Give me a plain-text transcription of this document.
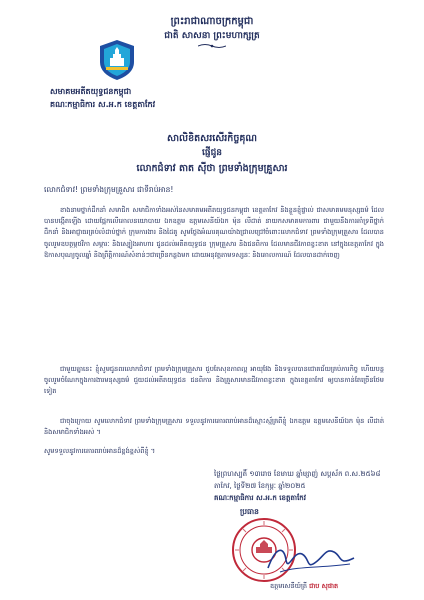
ព្រះរាជាណាចក្រកម្ពុជា
ជាតិ សាសនា ព្រះមហាក្សត្រ
សមាគមអតីតយុទ្ធជនកម្ពុជា
គណៈកម្មាធិការ ស.អ.ក ខេត្តតាកែវ
សាលិខិតសរសើរកិច្ចគុណ
ផ្ញើជូន
លោកជំទាវ តាត ស៊ីថា ព្រមទាំងក្រុមគ្រួសារ
លោកជំទាវ! ព្រមទាំងក្រុមគ្រួសារ ជាទីរាប់អាន!
ខាងនាមថ្នាក់ដឹកនាំ សមាជិក សមាជិកាទាំងអស់នៃសមាគមអតីតយុទ្ធជនកម្ពុជា ខេត្តតាកែវ និងខ្លួនខ្ញុំផ្ទាល់ ជាសមាគមមនុស្សធម៌ ដែលបានបង្កើតឡើង ដោយផ្អែកលើគោលនយោបាយ ឯកឧត្តម ឧត្តមសេនីយ៍ឯក ម៉ុន លីដាត់ នាយកសមាគមការពារ ជាមួយនឹងការគាំទ្រពីថ្នាក់ដឹកនាំ និងអាជ្ញាធរគ្រប់លំដាប់ថ្នាក់ ក្រុមការងារ និងដៃគូ សូមថ្លែងអំណរគុណយ៉ាងជ្រាលជ្រៅចំពោះលោកជំទាវ ព្រមទាំងក្រុមគ្រួសារ ដែលបានចូលរួមឧបត្ថម្ភថវិកា សម្ភារៈ និងស្បៀងអាហារ ជូនដល់អតីតយុទ្ធជន ក្រុមគ្រួសារ និងជនពិការ ដែលមានជីវភាពខ្វះខាត នៅក្នុងខេត្តតាកែវ ក្នុងឱកាសបុណ្យចូលឆ្នាំ និងព្រឹត្តិការណ៍សំខាន់ៗជាច្រើនកន្លងមក ដោយអនុវត្តតាមទស្សនៈ និងគោលការណ៍ ដែលបានដាក់ចេញ
ជាមួយគ្នានេះ ខ្ញុំសូមជូនពរលោកជំទាវ ព្រមទាំងក្រុមគ្រួសារ ជួបតែសុខភាពល្អ អាយុវែង និងទទួលបានជោគជ័យគ្រប់ភារកិច្ច ហើយបន្តចូលរួមចំណែកក្នុងការងារមនុស្សធម៌ ជួយដល់អតីតយុទ្ធជន ជនពិការ និងគ្រួសារមានជីវភាពខ្វះខាត ក្នុងខេត្តតាកែវ ឲ្យបានកាន់តែច្រើនថែមទៀត
ជាចុងក្រោយ សូមលោកជំទាវ ព្រមទាំងក្រុមគ្រួសារ ទទួលនូវការគោរពរាប់អានដ៏ស្មោះស្ម័គ្រពីខ្ញុំ ឯកឧត្តម ឧត្តមសេនីយ៍ឯក ម៉ុន លីដាត់ និងសមាជិកទាំងអស់ ។
សូមទទួលនូវការគោរពរាប់អានដ៏ខ្ពង់ខ្ពស់ពីខ្ញុំ ។
ថ្ងៃព្រហស្បតិ៍ ១៣រោច ខែមាឃ ឆ្នាំម្សាញ់ សប្តស័ក ព.ស.២៥៦៨
តាកែវ, ថ្ងៃទី២៧ ខែកុម្ភៈ ឆ្នាំ២០២៥
គណៈកម្មាធិការ ស.អ.ក ខេត្តតាកែវ
ប្រធាន
ឧត្តមសេនីយ៍ត្រី ជាប សុផាត
